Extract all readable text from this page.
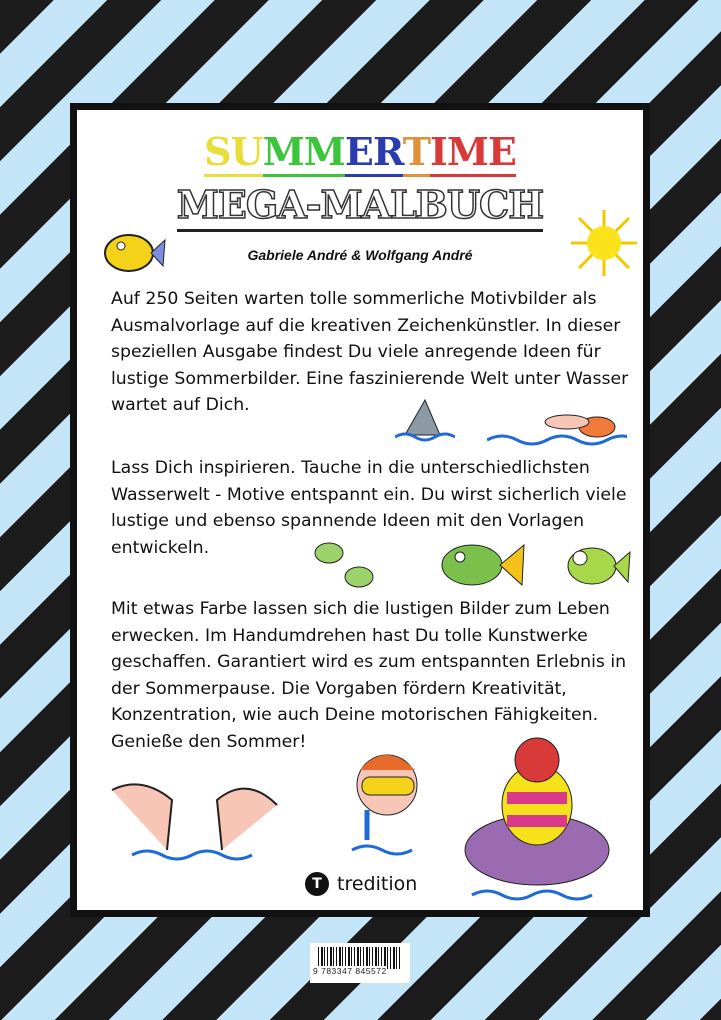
SUMMERTIME
MEGA-MALBUCH
Gabriele André & Wolfgang André
Auf 250 Seiten warten tolle sommerliche Motivbilder als Ausmalvorlage auf die kreativen Zeichenkünstler. In dieser speziellen Ausgabe findest Du viele anregende Ideen für lustige Sommerbilder. Eine faszinierende Welt unter Wasser wartet auf Dich.
Lass Dich inspirieren. Tauche in die unterschiedlichsten Wasserwelt - Motive entspannt ein. Du wirst sicherlich viele lustige und ebenso spannende Ideen mit den Vorlagen entwickeln.
Mit etwas Farbe lassen sich die lustigen Bilder zum Leben erwecken. Im Handumdrehen hast Du tolle Kunstwerke geschaffen. Garantiert wird es zum entspannten Erlebnis in der Sommerpause. Die Vorgaben fördern Kreativität, Konzentration, wie auch Deine motorischen Fähigkeiten. Genieße den Sommer!
T tredition
9 783347 845572
